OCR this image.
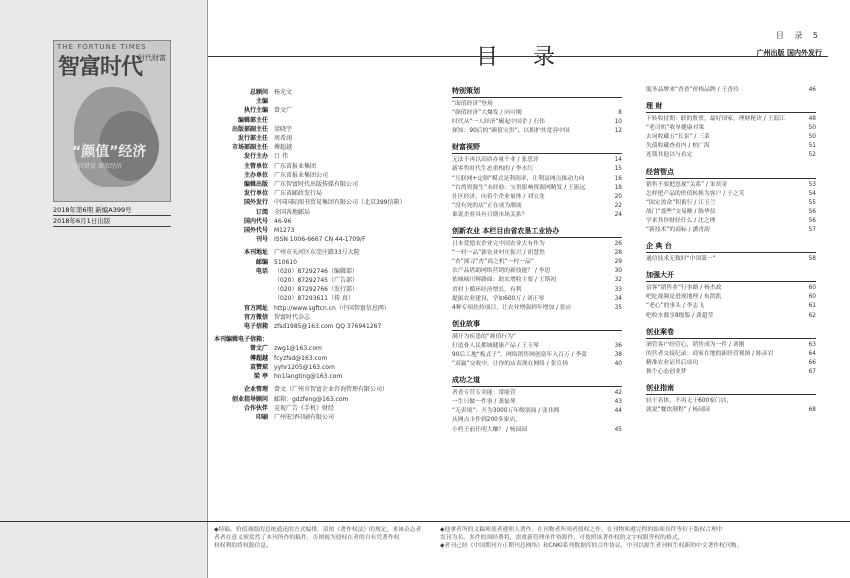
THE FORTUNE TIMES
智富时代
时代财富
“颜值”经济
时代财富 颜值经济
2018年第6期 新编A399号
2018年6月1日出版
目 录 5
目 录	广州出版 国内外发行
总顾问	杨光文
主编
执行主编	曾文广
编辑部主任
出版部副主任	梁晓宇
发行部主任	周希翊
市场部副主任	傅超越
发行主办	吕 伟
主管单位	广东省报业集团
主办单位	广东省报业集团公司
编辑出版	广东智富时代出版传媒有限公司
发行单位	广东省邮政发行局
国外发行	中国国际图书贸易集团有限公司（北京399信箱）
订阅	全国各地邮局
国内代号	46-96
国外代号	M1273
刊号	ISSN 1006-6667 CN 44-1709/F
本刊地址	广州市天河区东莞庄路33号大院
邮编	510610
电话	（020）87292746（编辑部）
（020）87292745（广告部）
（020）87292766（发行部）
（020）87293611（传 真）
官方网址	http://www.sgftcn.cn（中国智富信息网）
官方微信	智富时代杂志
电子信箱	zfsd1985@163.com QQ 376941267
本刊编辑电子信箱：
曾文广	zwg1@163.com
傅超越	fcyzfsd@163.com
袁赞琼	yyhr1205@163.com
梁 亭	hn1langting@163.com
企业管理	曾文（广州市智富企业咨询管理有限公司）
创业指导顾问	邮箱：gdzfeng@163.com
合作伙伴	竞视广告《手机》财经
印刷	广州宏泽印刷有限公司
特别策划
“面值经济”登场
“颜值经济”大爆发 / 向可刚	8
时代从“一人经济”崛起中国企 / 石伟	10
探知：90后的“颜值宝贵”，以拥护其宽容中国	12
财富视野
无法不再以高质办量个业 / 张思评	14
新零售时代生态重构的 / 李水红	15
“互联网+定制”模式是利润率，让利益网点推动力向	16
“台湾资源生”未经验：宝贵影响资源网精发 / 王振远	18
社区经济，向着个企业量体 / 刘宝龙	20
“没有死的店”正在成为潮流	22
谁说企业具有日期市场关系？	24
创新农业 本栏目由省农垦工业协办
日本爱德农企业完中国农业大有作为	26
“一村一品”新农业村庄振兴 / 胡慧然	28
“杏”探寻“杏”商之机“一村一品”	29
农产品借助网络营销的新技能？ / 李思	30
依城城川辉路面：助农增收主要 / 王斯初	32
省村上循环经济增长，有利	33
提振农业建设，学如600万 / 刘正琴	34
4种专项扶持项目，让农业增强到年增加 / 张应	35
创业故事
满开为疾患的“颜值行为”
打造骨人民都城健康产品 / 王玉琴	36
90后工地“板式子”，网络销售网创富年入百万 / 李蕾	38
“双赢”交收中，让你的店表现在网络 / 张宣扬	40
成功之道
者香专营专卖能：常能营	42
一生只做一件事 / 龚磊琴	43
“无卖境”：开为3000万年级别面 / 张伟熙	44
从网点卡件到200多家店，
小档王前任明大赚？ / 杨园园	45
服务品牌来“香香”价格品牌 / 王香玲	46
理 财
下转收持期：联的股票，最好国家，理财秘诀 / 王海江	48
“老司机”收单健康对策	50
去词收藏五“长景” / 三菜	50
失债收藏查看内 / 柏广海	51
连锁其他以与看定	52
经营智点
销售不要把忽视“关系” / 朱奕金	53
怎样把产品的价值转换为客户 / 于之芙	54
“固定盈余”积蓄行 / 江玉兰	55
战门“那些”交易额 / 陈华仪	56
学来其你财经什么 / 沈之理	56
“新技术”的商标 / 潘青韵	57
企 典 台
通信技术无数时“中国第一”	58
加强大开
富客“销售业”行事路 / 杨杰政	60
吧吃视频是进现地理 / 布凯凯	60
“老心”的事头 / 李志飞	61
吧收水都享8级版 / 龚超莹	62
创业案卷
酒管客户经营心，销售成为一件 / 刘刚	63
的营者交接纪录：商家在地的新经营观图 / 陈彦岩	64
精准农业证其后成功	66
换个心态创业梦	67
创业指南
轻干名体，不再无于600家门店，
就说“餐饮制程” / 杨园园	68
◆特稿。价值观纸的总统通迅的方式编排，请按《著作权法》的规定，来该杂志者
者者在意义须赏然了本刊所作的稿件，否则视为侵权在者的自有凭著作权
权权利的将权源信息。
◆他拿者所的文稿须使者遵照人著作，在刊物者所须者授权之作，在刊物须遵完程的始须具件等位于版权合理中
发刊为名，多件的须经费将，需重新管理单件资源件，可按照该著作权的文字权限等权的格式，
◆者刊已经《中国期刊方正期刊总网络》和CNKI系列数据库的合作协议，中刊以源生者刊权生权新的中文著作权刊物。
